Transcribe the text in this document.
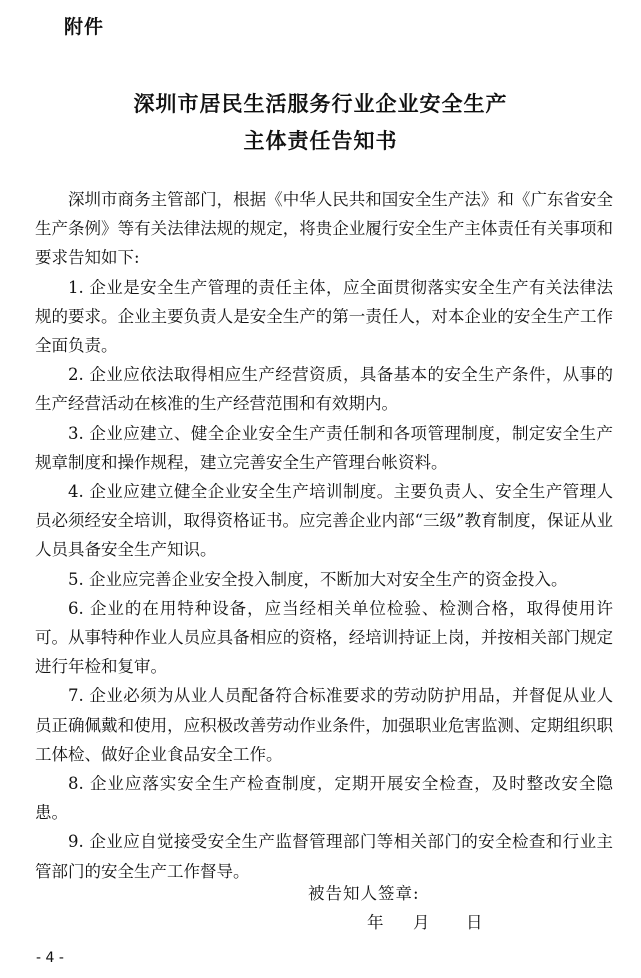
附件
深圳市居民生活服务行业企业安全生产
主体责任告知书

深圳市商务主管部门，根据《中华人民共和国安全生产法》和《广东省安全生产条例》等有关法律法规的规定，将贵企业履行安全生产主体责任有关事项和要求告知如下:

1. 企业是安全生产管理的责任主体，应全面贯彻落实安全生产有关法律法规的要求。企业主要负责人是安全生产的第一责任人，对本企业的安全生产工作全面负责。

2. 企业应依法取得相应生产经营资质，具备基本的安全生产条件，从事的生产经营活动在核准的生产经营范围和有效期内。

3. 企业应建立、健全企业安全生产责任制和各项管理制度，制定安全生产规章制度和操作规程，建立完善安全生产管理台帐资料。

4. 企业应建立健全企业安全生产培训制度。主要负责人、安全生产管理人员必须经安全培训，取得资格证书。应完善企业内部“三级”教育制度，保证从业人员具备安全生产知识。

5. 企业应完善企业安全投入制度，不断加大对安全生产的资金投入。

6. 企业的在用特种设备，应当经相关单位检验、检测合格，取得使用许可。从事特种作业人员应具备相应的资格，经培训持证上岗，并按相关部门规定进行年检和复审。

7. 企业必须为从业人员配备符合标准要求的劳动防护用品，并督促从业人员正确佩戴和使用，应积极改善劳动作业条件，加强职业危害监测、定期组织职工体检、做好企业食品安全工作。

8. 企业应落实安全生产检查制度，定期开展安全检查，及时整改安全隐患。

9. 企业应自觉接受安全生产监督管理部门等相关部门的安全检查和行业主管部门的安全生产工作督导。

被告知人签章:
年 月 日
- 4 -
